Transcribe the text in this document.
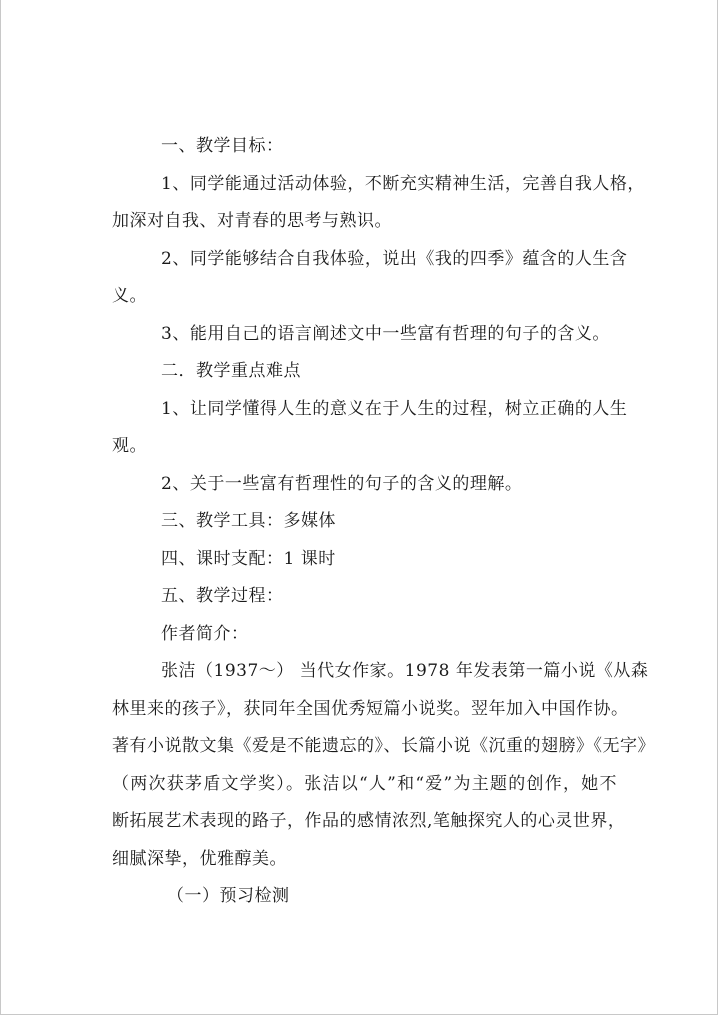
一、教学目标：
1、同学能通过活动体验，不断充实精神生活，完善自我人格，
加深对自我、对青春的思考与熟识。
2、同学能够结合自我体验，说出《我的四季》蕴含的人生含
义。
3、能用自己的语言阐述文中一些富有哲理的句子的含义。
二．教学重点难点
1、让同学懂得人生的意义在于人生的过程，树立正确的人生
观。
2、关于一些富有哲理性的句子的含义的理解。
三、教学工具：多媒体
四、课时支配：1 课时
五、教学过程：
作者简介：
张洁（1937～） 当代女作家。1978 年发表第一篇小说《从森
林里来的孩子》，获同年全国优秀短篇小说奖。翌年加入中国作协。
著有小说散文集《爱是不能遗忘的》、长篇小说《沉重的翅膀》《无字》
（两次获茅盾文学奖）。张洁以“人”和“爱”为主题的创作，她不
断拓展艺术表现的路子，作品的感情浓烈,笔触探究人的心灵世界，
细腻深挚，优雅醇美。
（一）预习检测
